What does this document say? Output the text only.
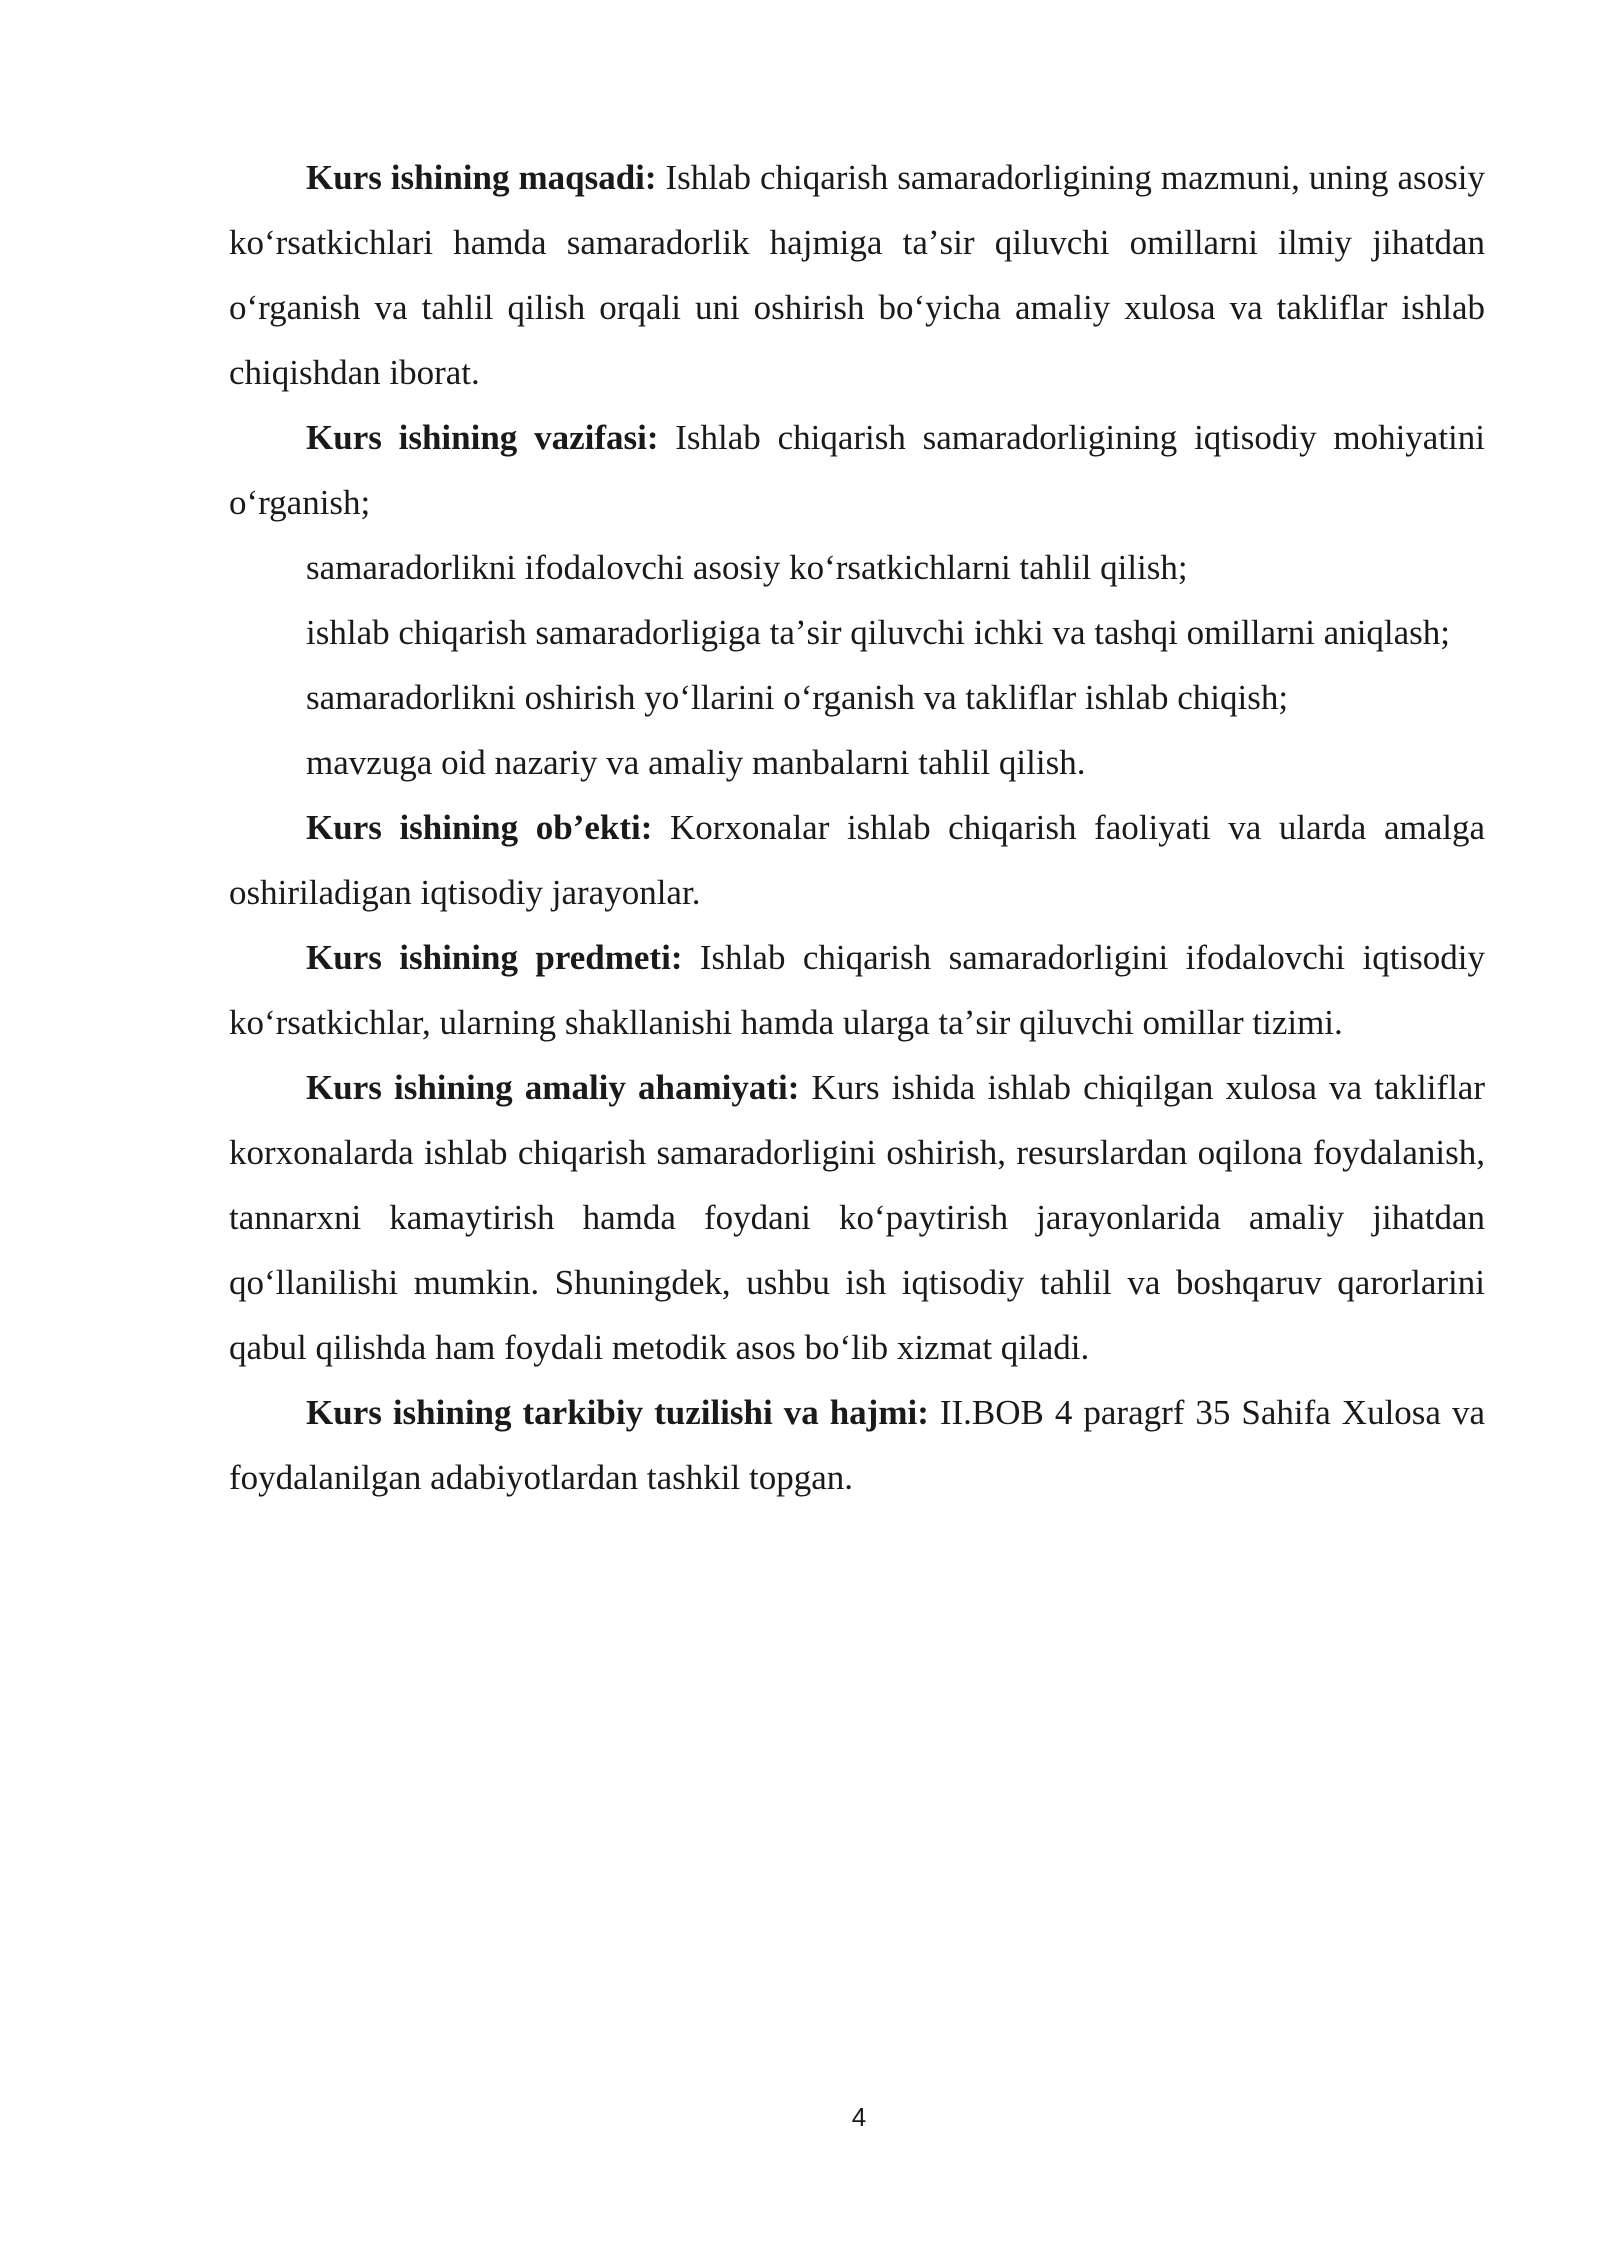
Kurs ishining maqsadi: Ishlab chiqarish samaradorligining mazmuni, uning asosiy koʻrsatkichlari hamda samaradorlik hajmiga taʼsir qiluvchi omillarni ilmiy jihatdan oʻrganish va tahlil qilish orqali uni oshirish boʻyicha amaliy xulosa va takliflar ishlab chiqishdan iborat.

Kurs ishining vazifasi: Ishlab chiqarish samaradorligining iqtisodiy mohiyatini oʻrganish;

samaradorlikni ifodalovchi asosiy koʻrsatkichlarni tahlil qilish;

ishlab chiqarish samaradorligiga taʼsir qiluvchi ichki va tashqi omillarni aniqlash;

samaradorlikni oshirish yoʻllarini oʻrganish va takliflar ishlab chiqish;

mavzuga oid nazariy va amaliy manbalarni tahlil qilish.

Kurs ishining obʼekti: Korxonalar ishlab chiqarish faoliyati va ularda amalga oshiriladigan iqtisodiy jarayonlar.

Kurs ishining predmeti: Ishlab chiqarish samaradorligini ifodalovchi iqtisodiy koʻrsatkichlar, ularning shakllanishi hamda ularga taʼsir qiluvchi omillar tizimi.

Kurs ishining amaliy ahamiyati: Kurs ishida ishlab chiqilgan xulosa va takliflar korxonalarda ishlab chiqarish samaradorligini oshirish, resurslardan oqilona foydalanish, tannarxni kamaytirish hamda foydani koʻpaytirish jarayonlarida amaliy jihatdan qoʻllanilishi mumkin. Shuningdek, ushbu ish iqtisodiy tahlil va boshqaruv qarorlarini qabul qilishda ham foydali metodik asos boʻlib xizmat qiladi.

Kurs ishining tarkibiy tuzilishi va hajmi: II.BOB 4 paragrf 35 Sahifa Xulosa va foydalanilgan adabiyotlardan tashkil topgan.

4
